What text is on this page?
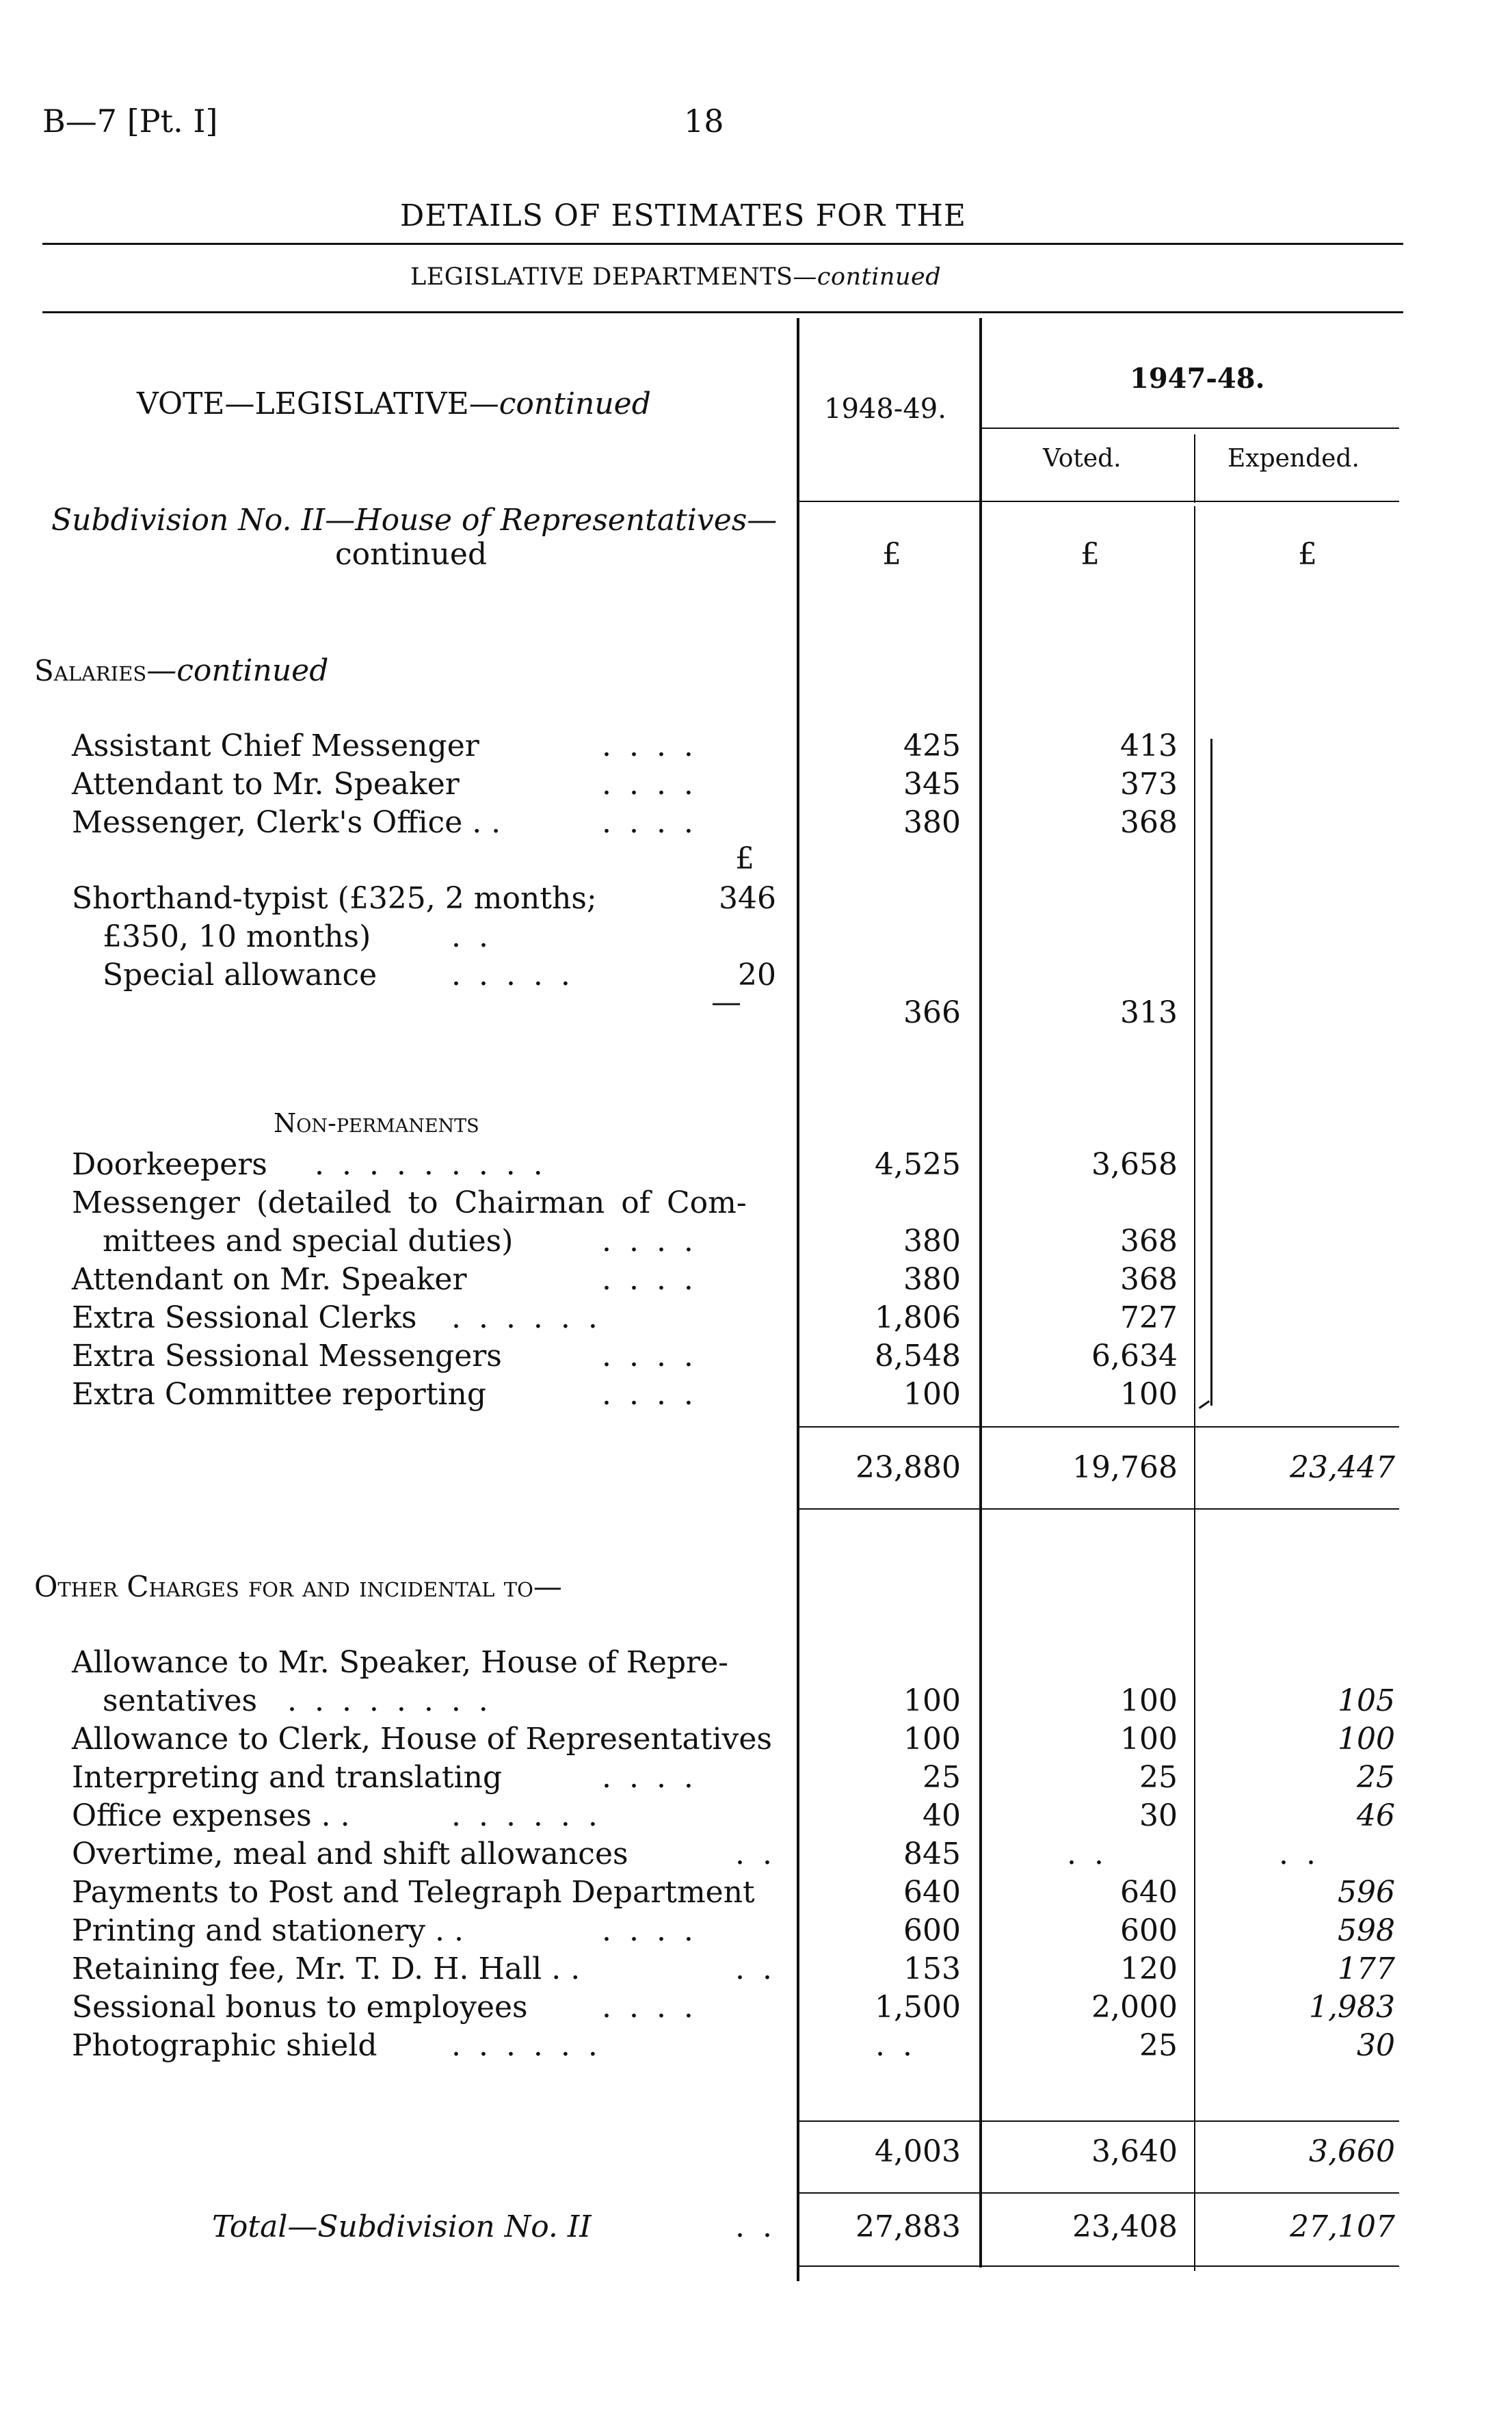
B—7 [Pt. I]	18
DETAILS OF ESTIMATES FOR THE
LEGISLATIVE DEPARTMENTS—continued
VOTE—LEGISLATIVE—continued	1948-49.
1947-48.
Voted.	Expended.
£	£	£
Subdivision No. II—House of Representatives—
continued
Salaries—continued
Assistant Chief Messenger	. . . .	425	413
Attendant to Mr. Speaker	. . . .	345	373
Messenger, Clerk's Office . .	. . . .	380	368
£
Shorthand-typist (£325, 2 months;	346
£350, 10 months)	. .
Special allowance . . . . .	20
—	366	313
Non-permanents
Doorkeepers . . . . . . . . .	4,525	3,658
Messenger (detailed to Chairman of Com-
mittees and special duties)	. . . .	380	368
Attendant on Mr. Speaker	. . . .	380	368
Extra Sessional Clerks . . . . . .	1,806	727
Extra Sessional Messengers	. . . .	8,548	6,634
Extra Committee reporting	. . . .	100	100
23,880	19,768	23,447
Other Charges for and incidental to—
Allowance to Mr. Speaker, House of Repre-
sentatives . . . . . . . .	100	100	105
Allowance to Clerk, House of Representatives	100	100	100
Interpreting and translating	. . . .	25	25	25
Office expenses . .	. . . . . .	40	30	46
Overtime, meal and shift allowances	. .	845	. .	. .
Payments to Post and Telegraph Department	640	640	596
Printing and stationery . .	. . . .	600	600	598
Retaining fee, Mr. T. D. H. Hall . .	. .	153	120	177
Sessional bonus to employees . . . .	1,500	2,000	1,983
Photographic shield . . . . . .	. .	25	30
4,003	3,640	3,660
Total—Subdivision No. II	. .	27,883	23,408	27,107
